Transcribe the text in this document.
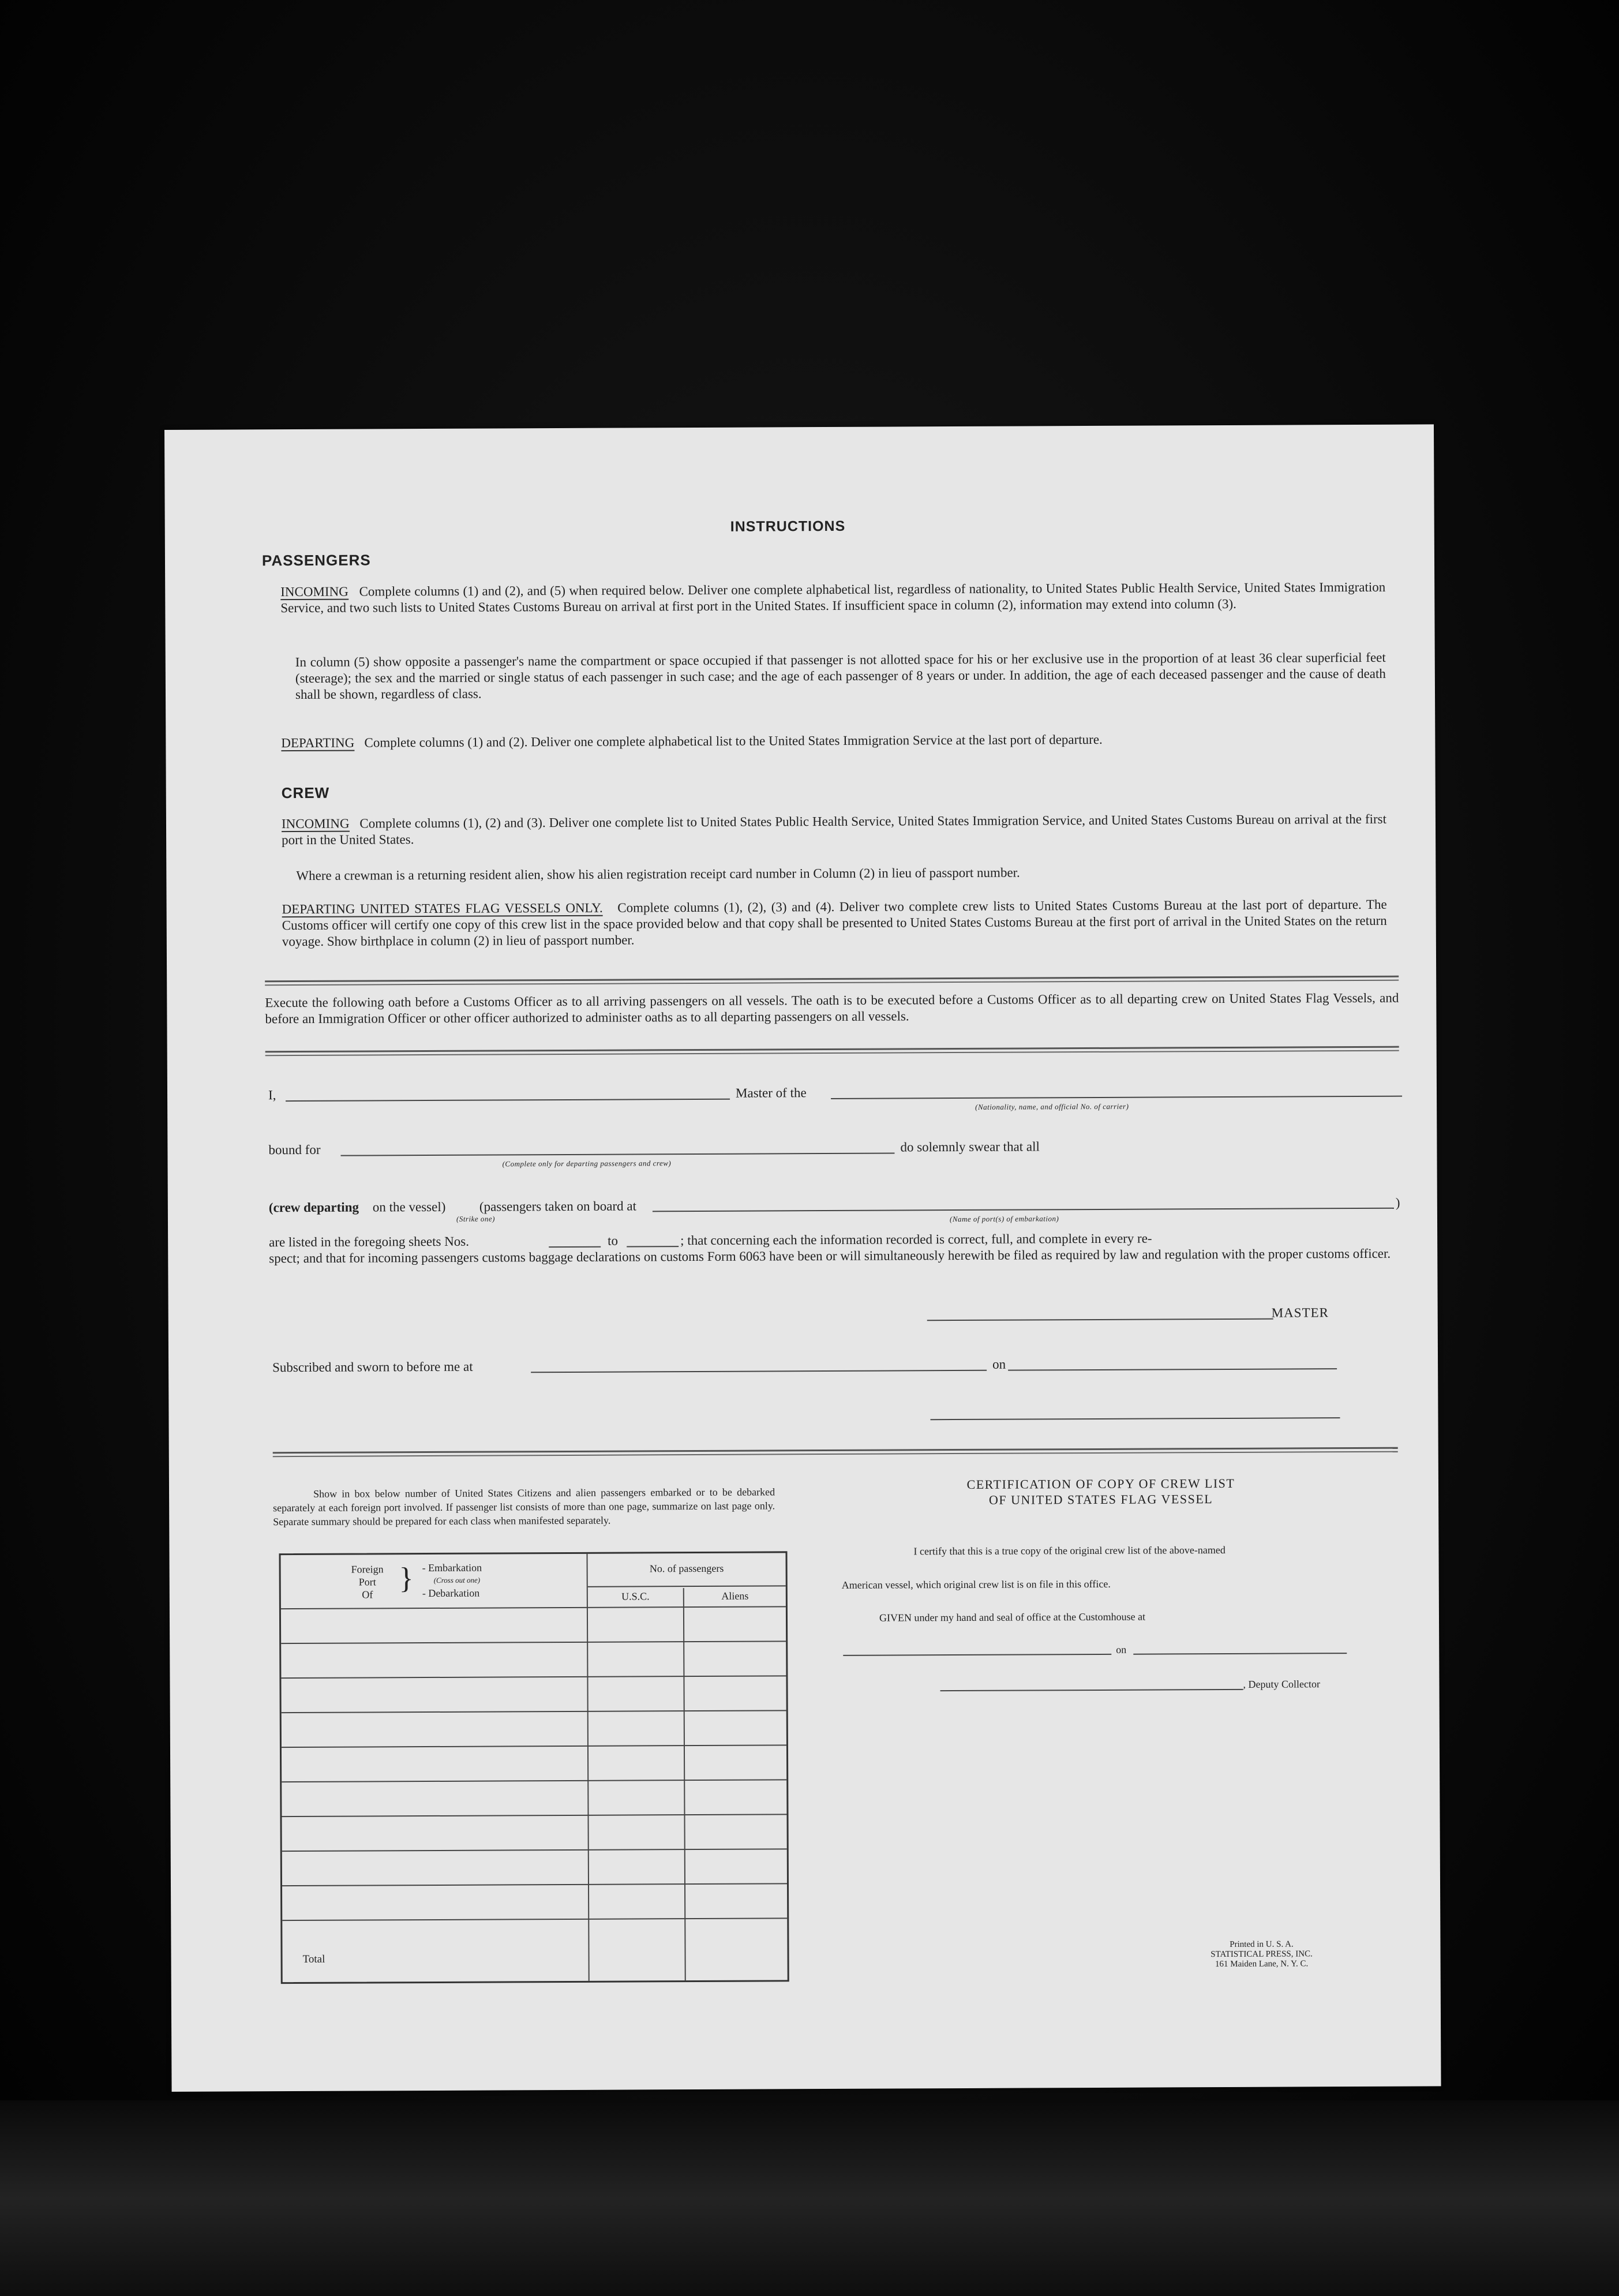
INSTRUCTIONS
PASSENGERS
INCOMING Complete columns (1) and (2), and (5) when required below. Deliver one complete alphabetical list, regardless of nationality, to United States Public Health Service, United States Immigration Service, and two such lists to United States Customs Bureau on arrival at first port in the United States. If insufficient space in column (2), information may extend into column (3).
In column (5) show opposite a passenger's name the compartment or space occupied if that passenger is not allotted space for his or her exclusive use in the proportion of at least 36 clear superficial feet (steerage); the sex and the married or single status of each passenger in such case; and the age of each passenger of 8 years or under. In addition, the age of each deceased passenger and the cause of death shall be shown, regardless of class.
DEPARTING Complete columns (1) and (2). Deliver one complete alphabetical list to the United States Immigration Service at the last port of departure.
CREW
INCOMING Complete columns (1), (2) and (3). Deliver one complete list to United States Public Health Service, United States Immigration Service, and United States Customs Bureau on arrival at the first port in the United States.
Where a crewman is a returning resident alien, show his alien registration receipt card number in Column (2) in lieu of passport number.
DEPARTING UNITED STATES FLAG VESSELS ONLY. Complete columns (1), (2), (3) and (4). Deliver two complete crew lists to United States Customs Bureau at the last port of departure. The Customs officer will certify one copy of this crew list in the space provided below and that copy shall be presented to United States Customs Bureau at the first port of arrival in the United States on the return voyage. Show birthplace in column (2) in lieu of passport number.
Execute the following oath before a Customs Officer as to all arriving passengers on all vessels. The oath is to be executed before a Customs Officer as to all departing crew on United States Flag Vessels, and before an Immigration Officer or other officer authorized to administer oaths as to all departing passengers on all vessels.
I,	Master of the
(Nationality, name, and official No. of carrier)
bound for
(Complete only for departing passengers and crew)
do solemnly swear that all
(crew departing on the vessel)
(Strike one)
(passengers taken on board at	)
(Name of port(s) of embarkation)
are listed in the foregoing sheets Nos.	to	; that concerning each the information recorded is correct, full, and complete in every re-
spect; and that for incoming passengers customs baggage declarations on customs Form 6063 have been or will simultaneously herewith be filed as required by law and regulation with the proper customs officer.
MASTER
Subscribed and sworn to before me at	on
Show in box below number of United States Citizens and alien passengers embarked or to be debarked separately at each foreign port involved. If passenger list consists of more than one page, summarize on last page only. Separate summary should be prepared for each class when manifested separately.
Foreign
Port
Of } - Embarkation
(Cross out one)
- Debarkation
No. of passengers
U.S.C.	Aliens
Total
CERTIFICATION OF COPY OF CREW LIST
OF UNITED STATES FLAG VESSEL
I certify that this is a true copy of the original crew list of the above-named
American vessel, which original crew list is on file in this office.
GIVEN under my hand and seal of office at the Customhouse at
on
, Deputy Collector
Printed in U. S. A.
STATISTICAL PRESS, INC.
161 Maiden Lane, N. Y. C.
